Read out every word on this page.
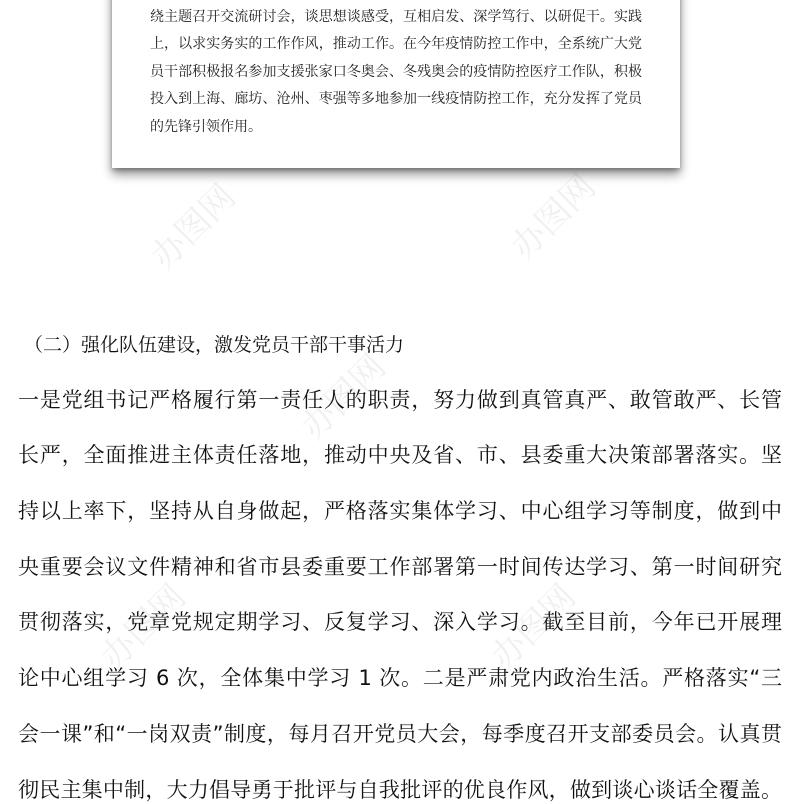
办图网	办图网
办图网
办图网	办图网
绕主题召开交流研讨会，谈思想谈感受，互相启发、深学笃行、以研促干。实践
上，以求实务实的工作作风，推动工作。在今年疫情防控工作中，全系统广大党
员干部积极报名参加支援张家口冬奥会、冬残奥会的疫情防控医疗工作队，积极
投入到上海、廊坊、沧州、枣强等多地参加一线疫情防控工作，充分发挥了党员
的先锋引领作用。
（二）强化队伍建设，激发党员干部干事活力
一是党组书记严格履行第一责任人的职责，努力做到真管真严、敢管敢严、长管
长严，全面推进主体责任落地，推动中央及省、市、县委重大决策部署落实。坚
持以上率下，坚持从自身做起，严格落实集体学习、中心组学习等制度，做到中
央重要会议文件精神和省市县委重要工作部署第一时间传达学习、第一时间研究
贯彻落实，党章党规定期学习、反复学习、深入学习。截至目前，今年已开展理
论中心组学习 6 次，全体集中学习 1 次。二是严肃党内政治生活。严格落实“三
会一课”和“一岗双责”制度，每月召开党员大会，每季度召开支部委员会。认真贯
彻民主集中制，大力倡导勇于批评与自我批评的优良作风，做到谈心谈话全覆盖。
